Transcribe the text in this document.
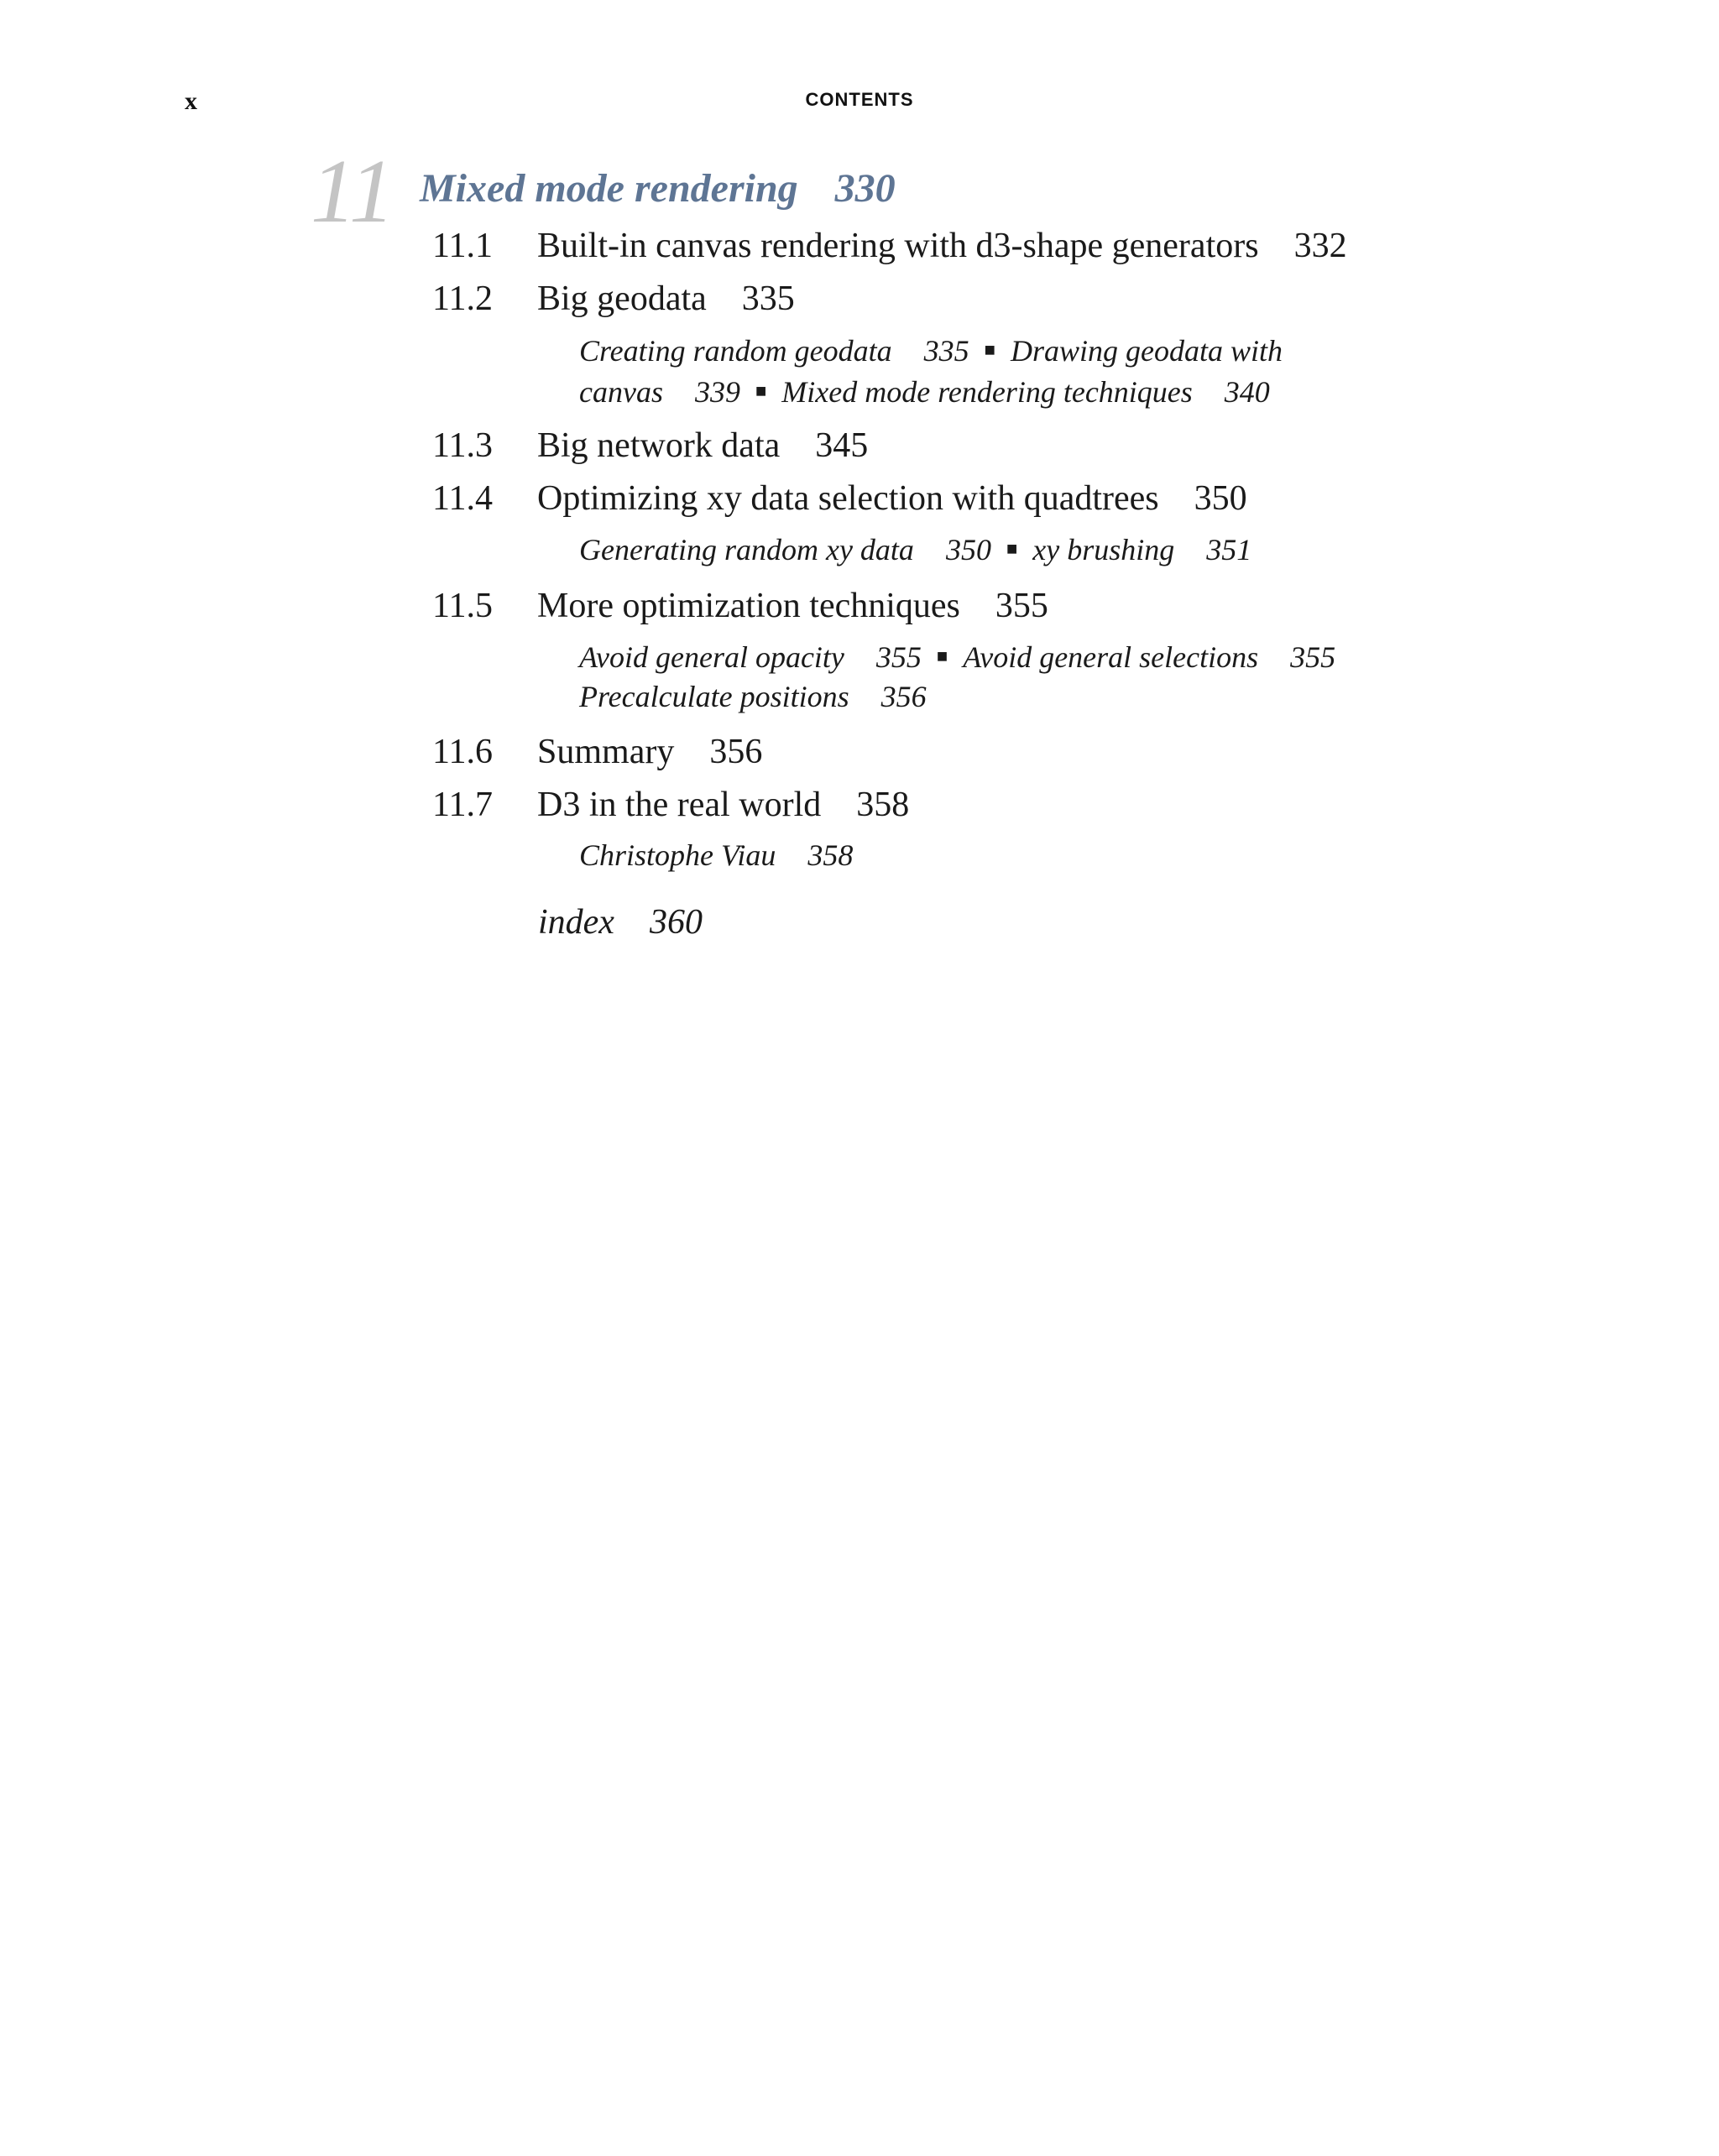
x	CONTENTS
11 Mixed mode rendering 330
11.1 Built-in canvas rendering with d3-shape generators 332
11.2 Big geodata 335
Creating random geodata 335 ■ Drawing geodata with
canvas 339 ■ Mixed mode rendering techniques 340
11.3 Big network data 345
11.4 Optimizing xy data selection with quadtrees 350
Generating random xy data 350 ■ xy brushing 351
11.5 More optimization techniques 355
Avoid general opacity 355 ■ Avoid general selections 355
Precalculate positions 356
11.6 Summary 356
11.7 D3 in the real world 358
Christophe Viau 358
index 360
